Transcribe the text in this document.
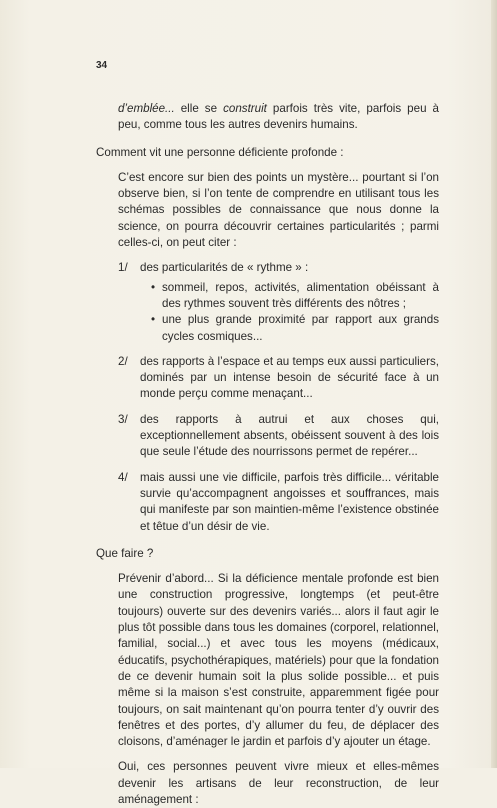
34

d’emblée... elle se construit parfois très vite, parfois peu à peu, comme tous les autres devenirs humains.

Comment vit une personne déficiente profonde :

C’est encore sur bien des points un mystère... pourtant si l’on observe bien, si l’on tente de comprendre en utilisant tous les schémas possibles de connaissance que nous donne la science, on pourra découvrir certaines particularités ; parmi celles-ci, on peut citer :

1/	des particularités de « rythme » :
• sommeil, repos, activités, alimentation obéissant à des rythmes souvent très différents des nôtres ;
• une plus grande proximité par rapport aux grands cycles cosmiques...
2/	des rapports à l’espace et au temps eux aussi particuliers, dominés par un intense besoin de sécurité face à un monde perçu comme menaçant...
3/	des rapports à autrui et aux choses qui, exceptionnellement absents, obéissent souvent à des lois que seule l’étude des nourrissons permet de repérer...
4/	mais aussi une vie difficile, parfois très difficile... véritable survie qu’accompagnent angoisses et souffrances, mais qui manifeste par son maintien-même l’existence obstinée et têtue d’un désir de vie.

Que faire ?

Prévenir d’abord... Si la déficience mentale profonde est bien une construction progressive, longtemps (et peut-être toujours) ouverte sur des devenirs variés... alors il faut agir le plus tôt possible dans tous les domaines (corporel, relationnel, familial, social...) et avec tous les moyens (médicaux, éducatifs, psychothérapiques, matériels) pour que la fondation de ce devenir humain soit la plus solide possible... et puis même si la maison s’est construite, apparemment figée pour toujours, on sait maintenant qu’on pourra tenter d’y ouvrir des fenêtres et des portes, d’y allumer du feu, de déplacer des cloisons, d’aménager le jardin et parfois d’y ajouter un étage.

Oui, ces personnes peuvent vivre mieux et elles-mêmes devenir les artisans de leur reconstruction, de leur aménagement :
